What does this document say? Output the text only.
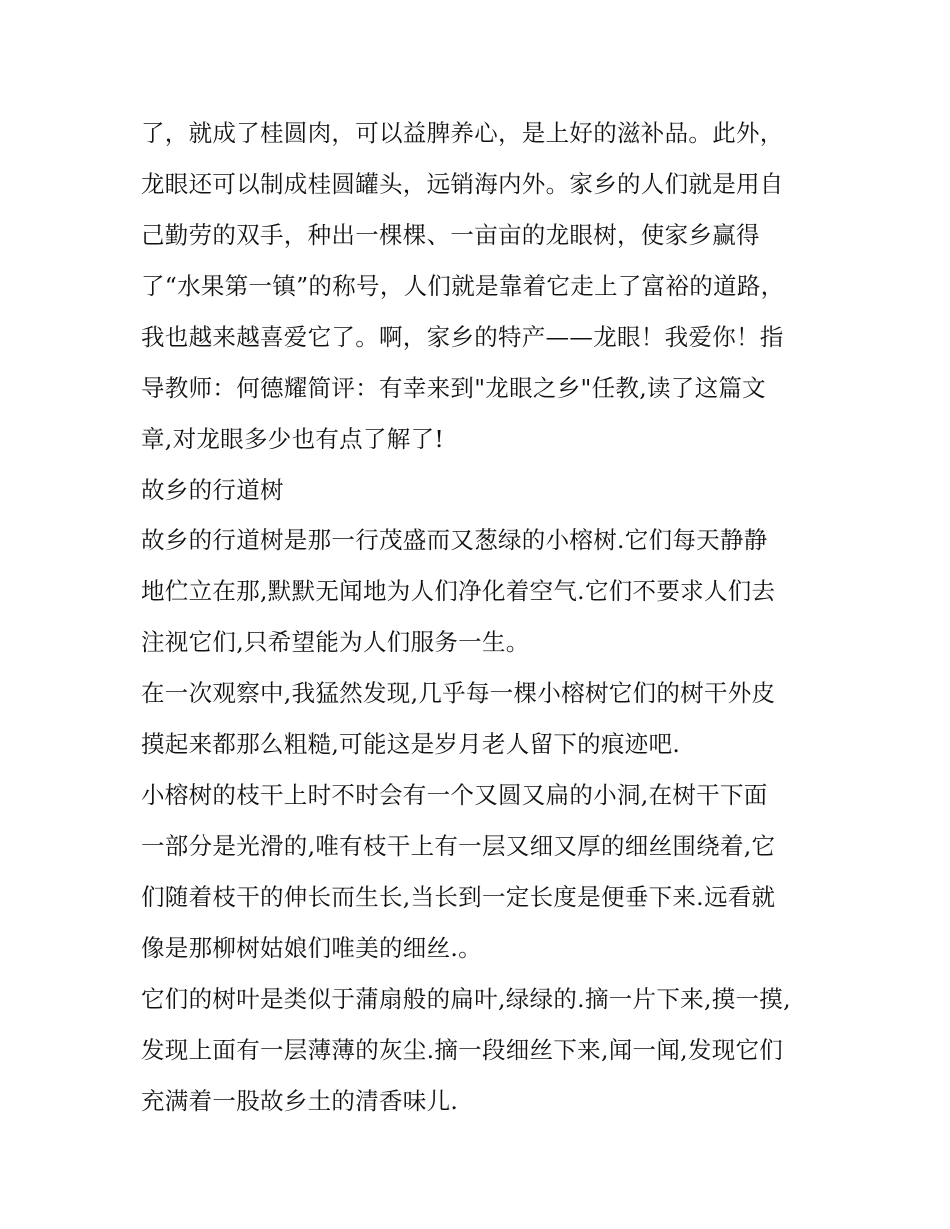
了，就成了桂圆肉，可以益脾养心，是上好的滋补品。此外，
龙眼还可以制成桂圆罐头，远销海内外。家乡的人们就是用自
己勤劳的双手，种出一棵棵、一亩亩的龙眼树，使家乡赢得
了“水果第一镇”的称号，人们就是靠着它走上了富裕的道路，
我也越来越喜爱它了。啊，家乡的特产——龙眼！我爱你！指
导教师：何德耀简评：有幸来到"龙眼之乡"任教,读了这篇文
章,对龙眼多少也有点了解了!
故乡的行道树
故乡的行道树是那一行茂盛而又葱绿的小榕树.它们每天静静
地伫立在那,默默无闻地为人们净化着空气.它们不要求人们去
注视它们,只希望能为人们服务一生。
在一次观察中,我猛然发现,几乎每一棵小榕树它们的树干外皮
摸起来都那么粗糙,可能这是岁月老人留下的痕迹吧.
小榕树的枝干上时不时会有一个又圆又扁的小洞,在树干下面
一部分是光滑的,唯有枝干上有一层又细又厚的细丝围绕着,它
们随着枝干的伸长而生长,当长到一定长度是便垂下来.远看就
像是那柳树姑娘们唯美的细丝.。
它们的树叶是类似于蒲扇般的扁叶,绿绿的.摘一片下来,摸一摸,
发现上面有一层薄薄的灰尘.摘一段细丝下来,闻一闻,发现它们
充满着一股故乡土的清香味儿.
